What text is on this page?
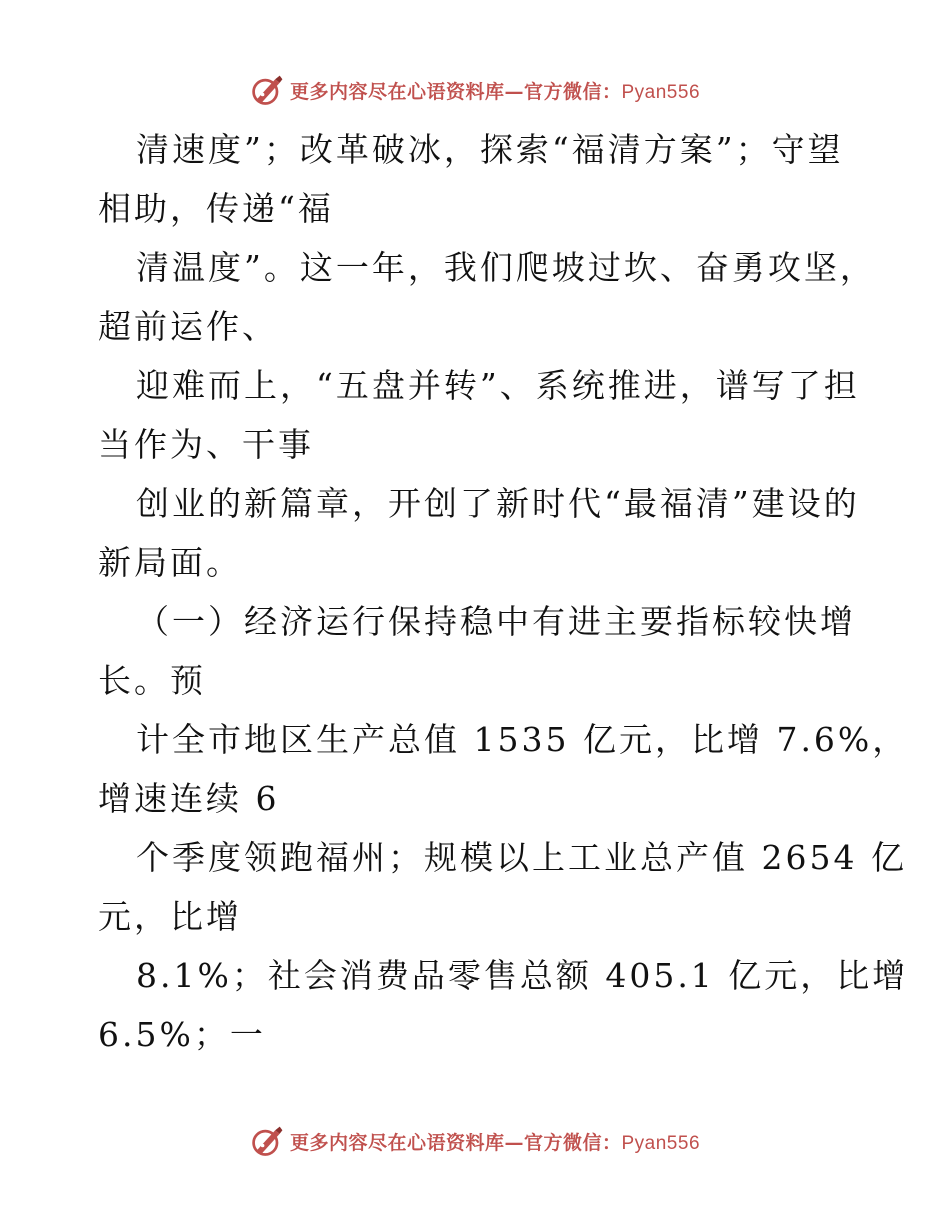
更多内容尽在心语资料库—官方微信：Pyan556
清速度”；改革破冰，探索“福清方案”；守望
相助，传递“福
清温度”。这一年，我们爬坡过坎、奋勇攻坚，
超前运作、
迎难而上，“五盘并转”、系统推进，谱写了担
当作为、干事
创业的新篇章，开创了新时代“最福清”建设的
新局面。
（一）经济运行保持稳中有进主要指标较快增
长。预
计全市地区生产总值 1535 亿元，比增 7.6%，
增速连续 6
个季度领跑福州；规模以上工业总产值 2654 亿
元，比增
8.1%；社会消费品零售总额 405.1 亿元，比增
6.5%；一
更多内容尽在心语资料库—官方微信：Pyan556
